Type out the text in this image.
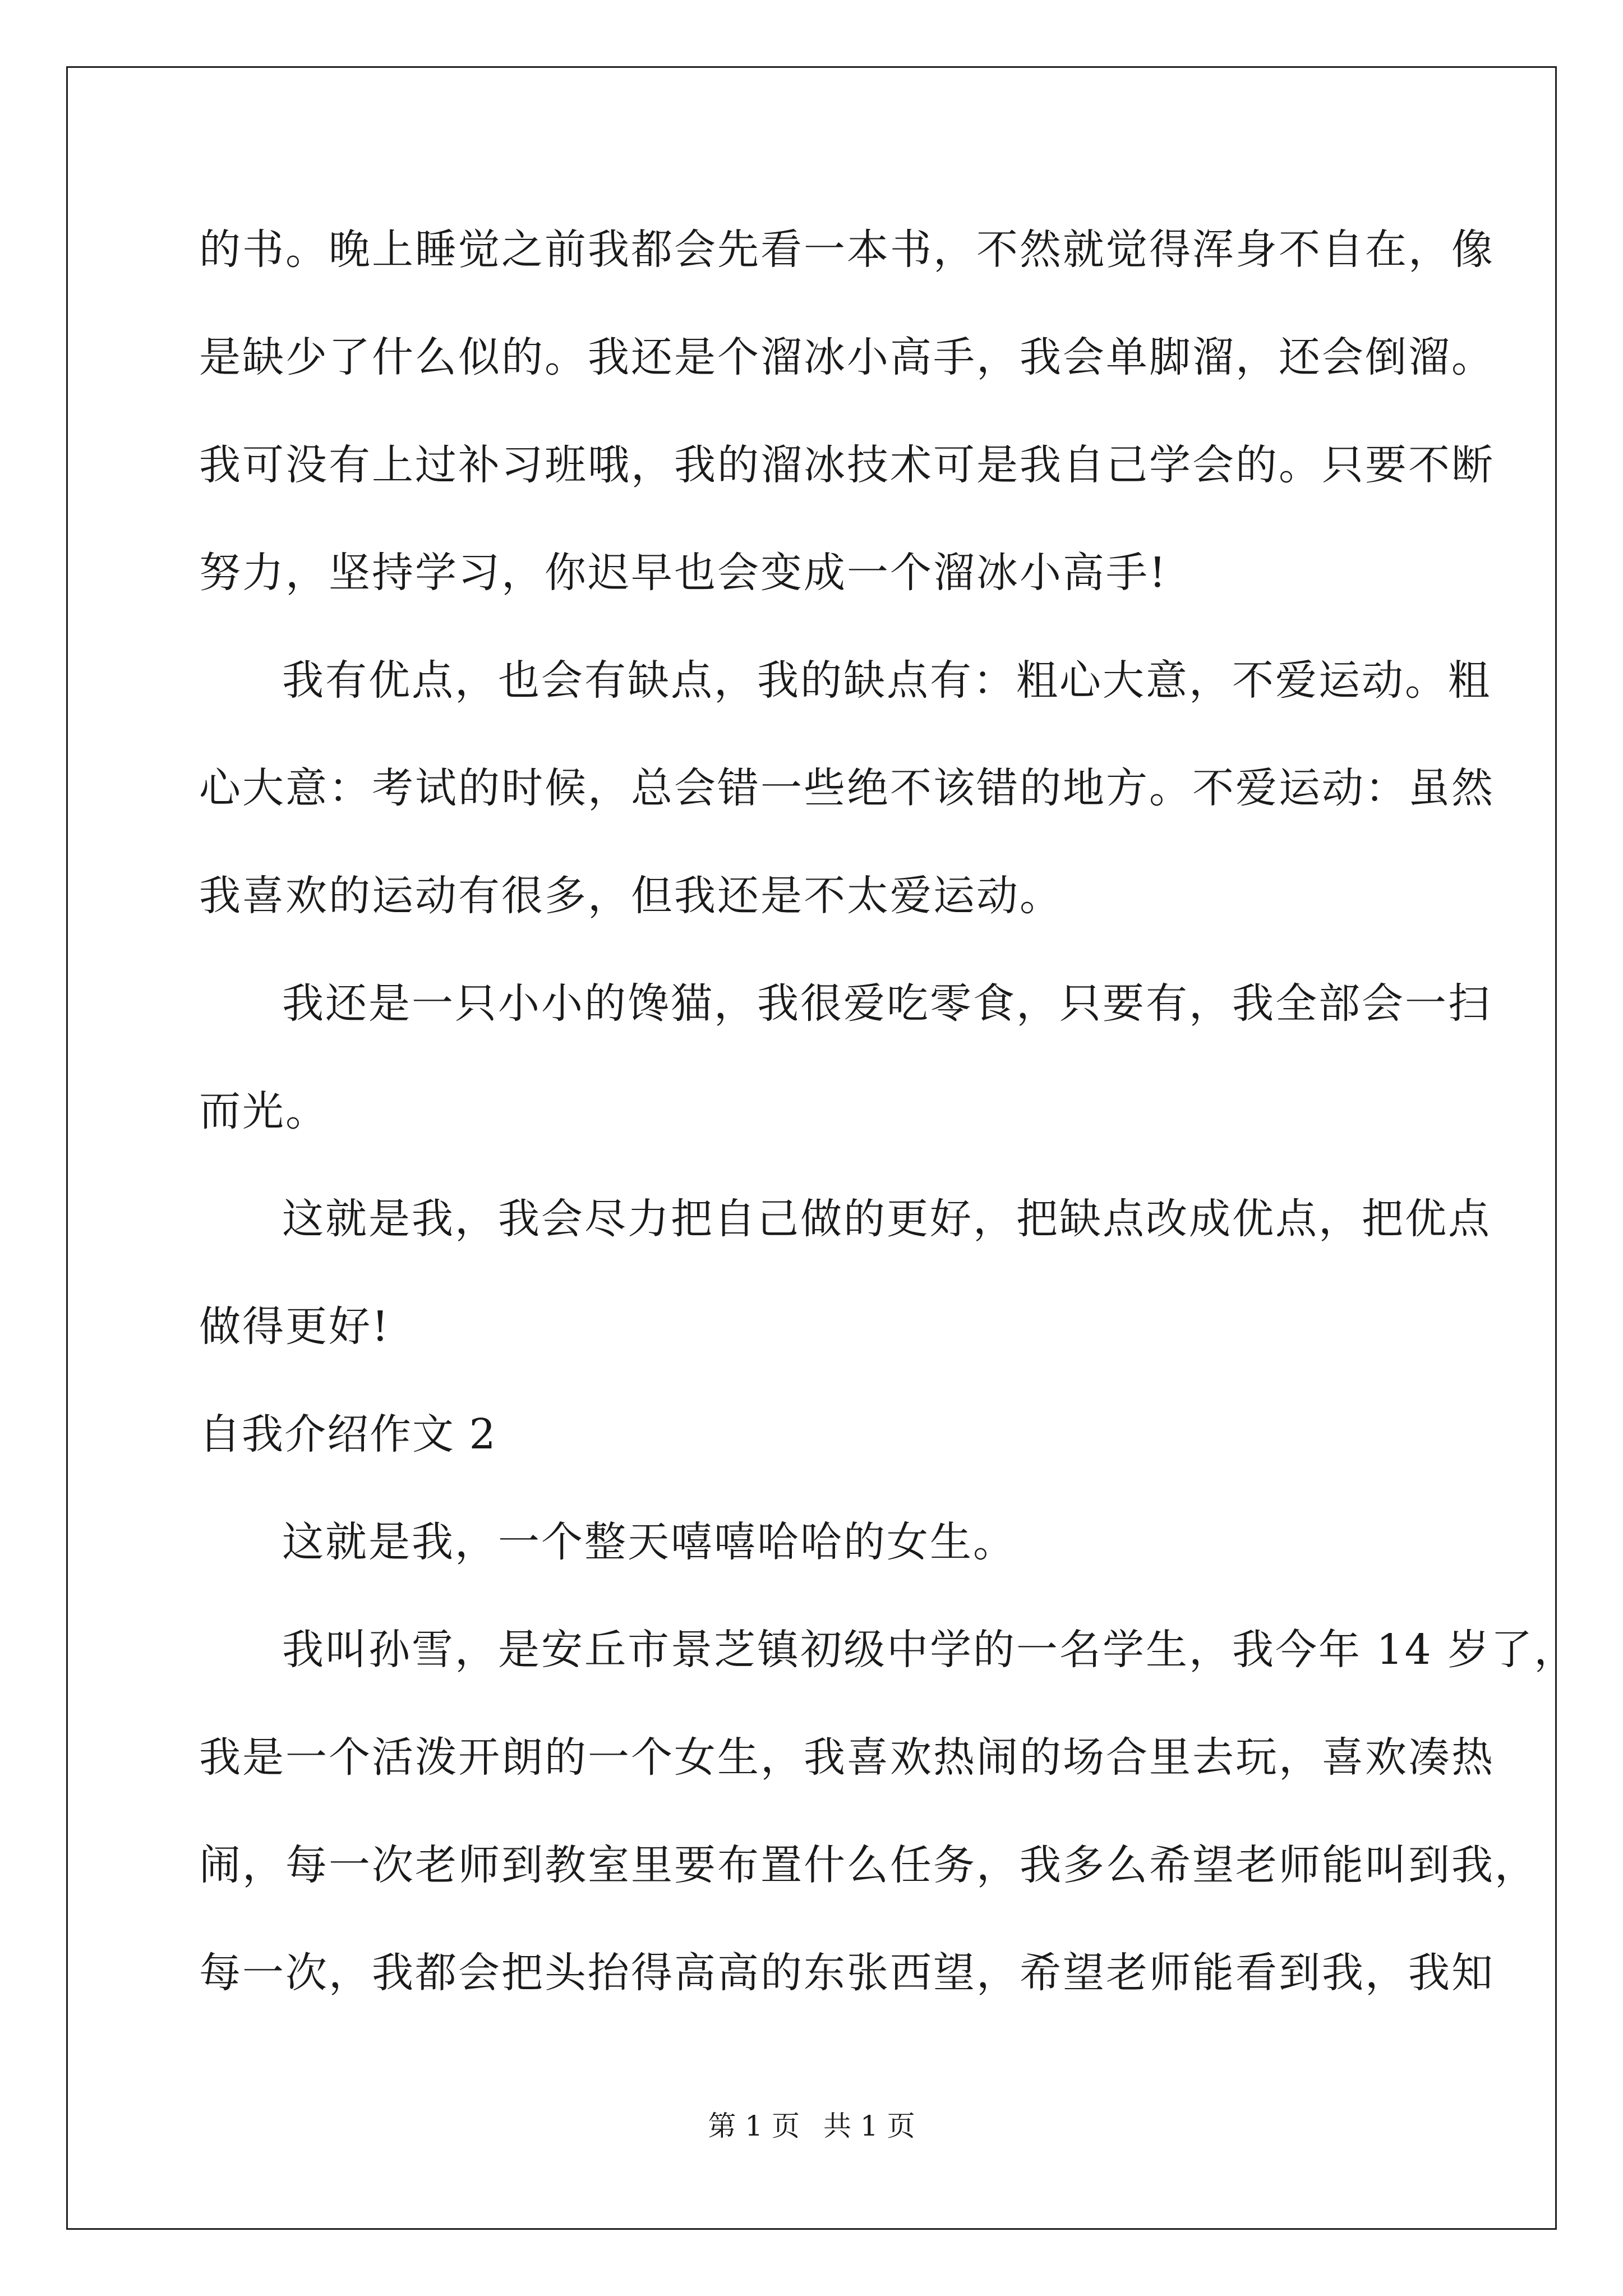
的书。晚上睡觉之前我都会先看一本书，不然就觉得浑身不自在，像
是缺少了什么似的。我还是个溜冰小高手，我会单脚溜，还会倒溜。
我可没有上过补习班哦，我的溜冰技术可是我自己学会的。只要不断
努力，坚持学习，你迟早也会变成一个溜冰小高手!
我有优点，也会有缺点，我的缺点有：粗心大意，不爱运动。粗
心大意：考试的时候，总会错一些绝不该错的地方。不爱运动：虽然
我喜欢的运动有很多，但我还是不太爱运动。
我还是一只小小的馋猫，我很爱吃零食，只要有，我全部会一扫
而光。
这就是我，我会尽力把自己做的更好，把缺点改成优点，把优点
做得更好!
自我介绍作文 2
这就是我，一个整天嘻嘻哈哈的女生。
我叫孙雪，是安丘市景芝镇初级中学的一名学生，我今年 14 岁了，
我是一个活泼开朗的一个女生，我喜欢热闹的场合里去玩，喜欢凑热
闹，每一次老师到教室里要布置什么任务，我多么希望老师能叫到我，
每一次，我都会把头抬得高高的东张西望，希望老师能看到我，我知
第 1 页 共 1 页
